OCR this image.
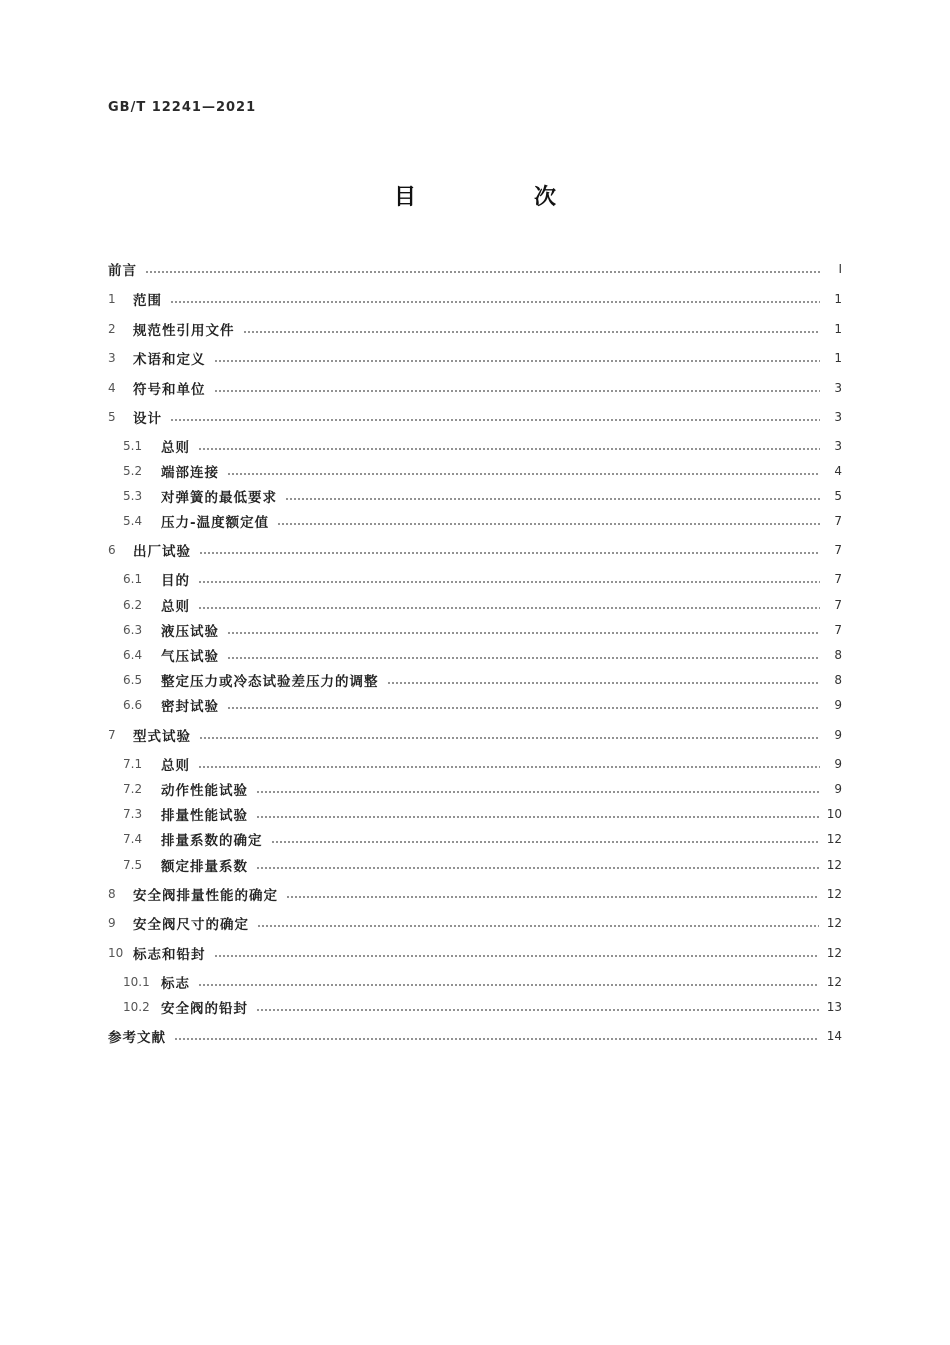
GB/T 12241—2021
目　次
前言	Ⅰ
1	范围	1
2	规范性引用文件	1
3	术语和定义	1
4	符号和单位	3
5	设计	3
5.1	总则	3
5.2	端部连接	4
5.3	对弹簧的最低要求	5
5.4	压力-温度额定值	7
6	出厂试验	7
6.1	目的	7
6.2	总则	7
6.3	液压试验	7
6.4	气压试验	8
6.5	整定压力或冷态试验差压力的调整	8
6.6	密封试验	9
7	型式试验	9
7.1	总则	9
7.2	动作性能试验	9
7.3	排量性能试验	10
7.4	排量系数的确定	12
7.5	额定排量系数	12
8	安全阀排量性能的确定	12
9	安全阀尺寸的确定	12
10 标志和铅封	12
10.1 标志	12
10.2 安全阀的铅封	13
参考文献	14
